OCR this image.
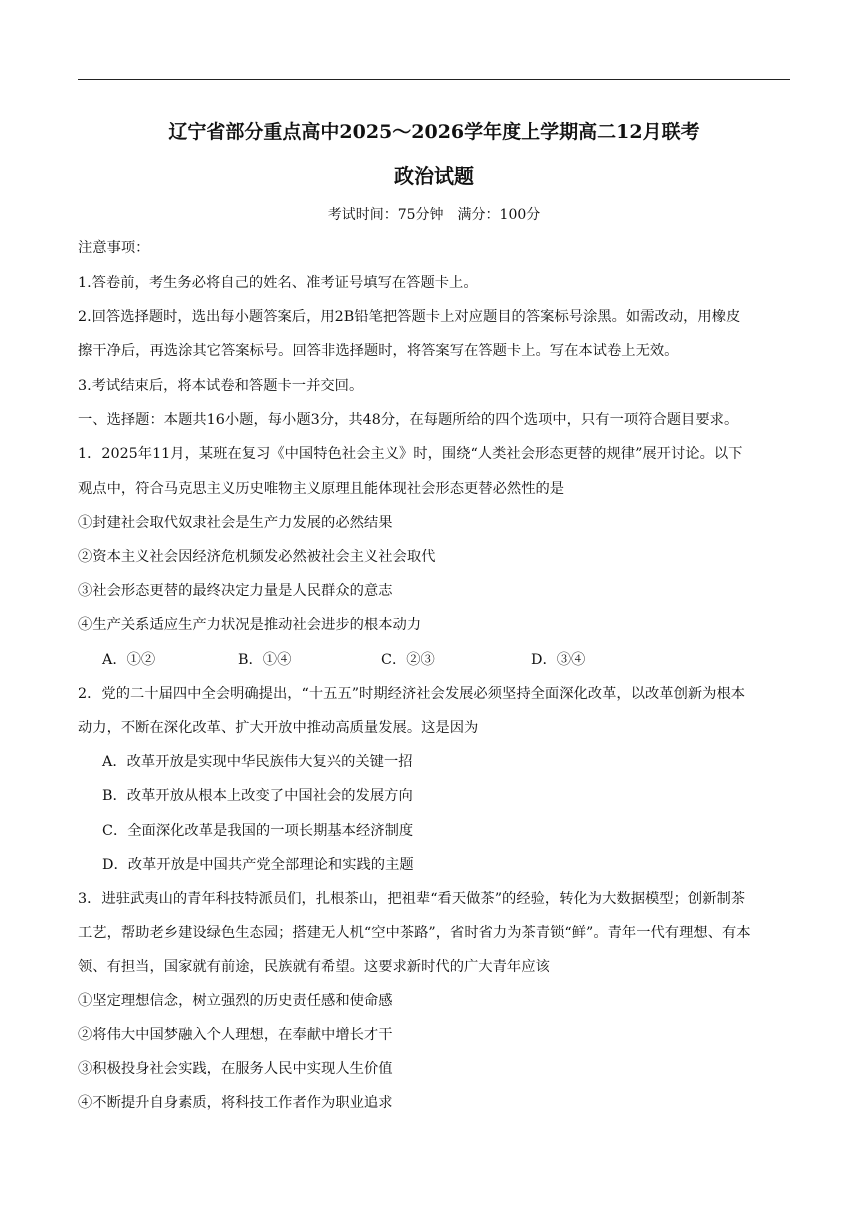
辽宁省部分重点高中2025～2026学年度上学期高二12月联考
政治试题
考试时间：75分钟　满分：100分
注意事项：
1.答卷前，考生务必将自己的姓名、准考证号填写在答题卡上。
2.回答选择题时，选出每小题答案后，用2B铅笔把答题卡上对应题目的答案标号涂黑。如需改动，用橡皮
擦干净后，再选涂其它答案标号。回答非选择题时，将答案写在答题卡上。写在本试卷上无效。
3.考试结束后，将本试卷和答题卡一并交回。
一、选择题：本题共16小题，每小题3分，共48分，在每题所给的四个选项中，只有一项符合题目要求。
1．2025年11月，某班在复习《中国特色社会主义》时，围绕“人类社会形态更替的规律”展开讨论。以下
观点中，符合马克思主义历史唯物主义原理且能体现社会形态更替必然性的是
①封建社会取代奴隶社会是生产力发展的必然结果
②资本主义社会因经济危机频发必然被社会主义社会取代
③社会形态更替的最终决定力量是人民群众的意志
④生产关系适应生产力状况是推动社会进步的根本动力
A．①②	B．①④	C．②③	D．③④
2．党的二十届四中全会明确提出，“十五五”时期经济社会发展必须坚持全面深化改革，以改革创新为根本
动力，不断在深化改革、扩大开放中推动高质量发展。这是因为
A．改革开放是实现中华民族伟大复兴的关键一招
B．改革开放从根本上改变了中国社会的发展方向
C．全面深化改革是我国的一项长期基本经济制度
D．改革开放是中国共产党全部理论和实践的主题
3．进驻武夷山的青年科技特派员们，扎根茶山，把祖辈“看天做茶”的经验，转化为大数据模型；创新制茶
工艺，帮助老乡建设绿色生态园；搭建无人机“空中茶路”，省时省力为茶青锁“鲜”。青年一代有理想、有本
领、有担当，国家就有前途，民族就有希望。这要求新时代的广大青年应该
①坚定理想信念，树立强烈的历史责任感和使命感
②将伟大中国梦融入个人理想，在奉献中增长才干
③积极投身社会实践，在服务人民中实现人生价值
④不断提升自身素质，将科技工作者作为职业追求
